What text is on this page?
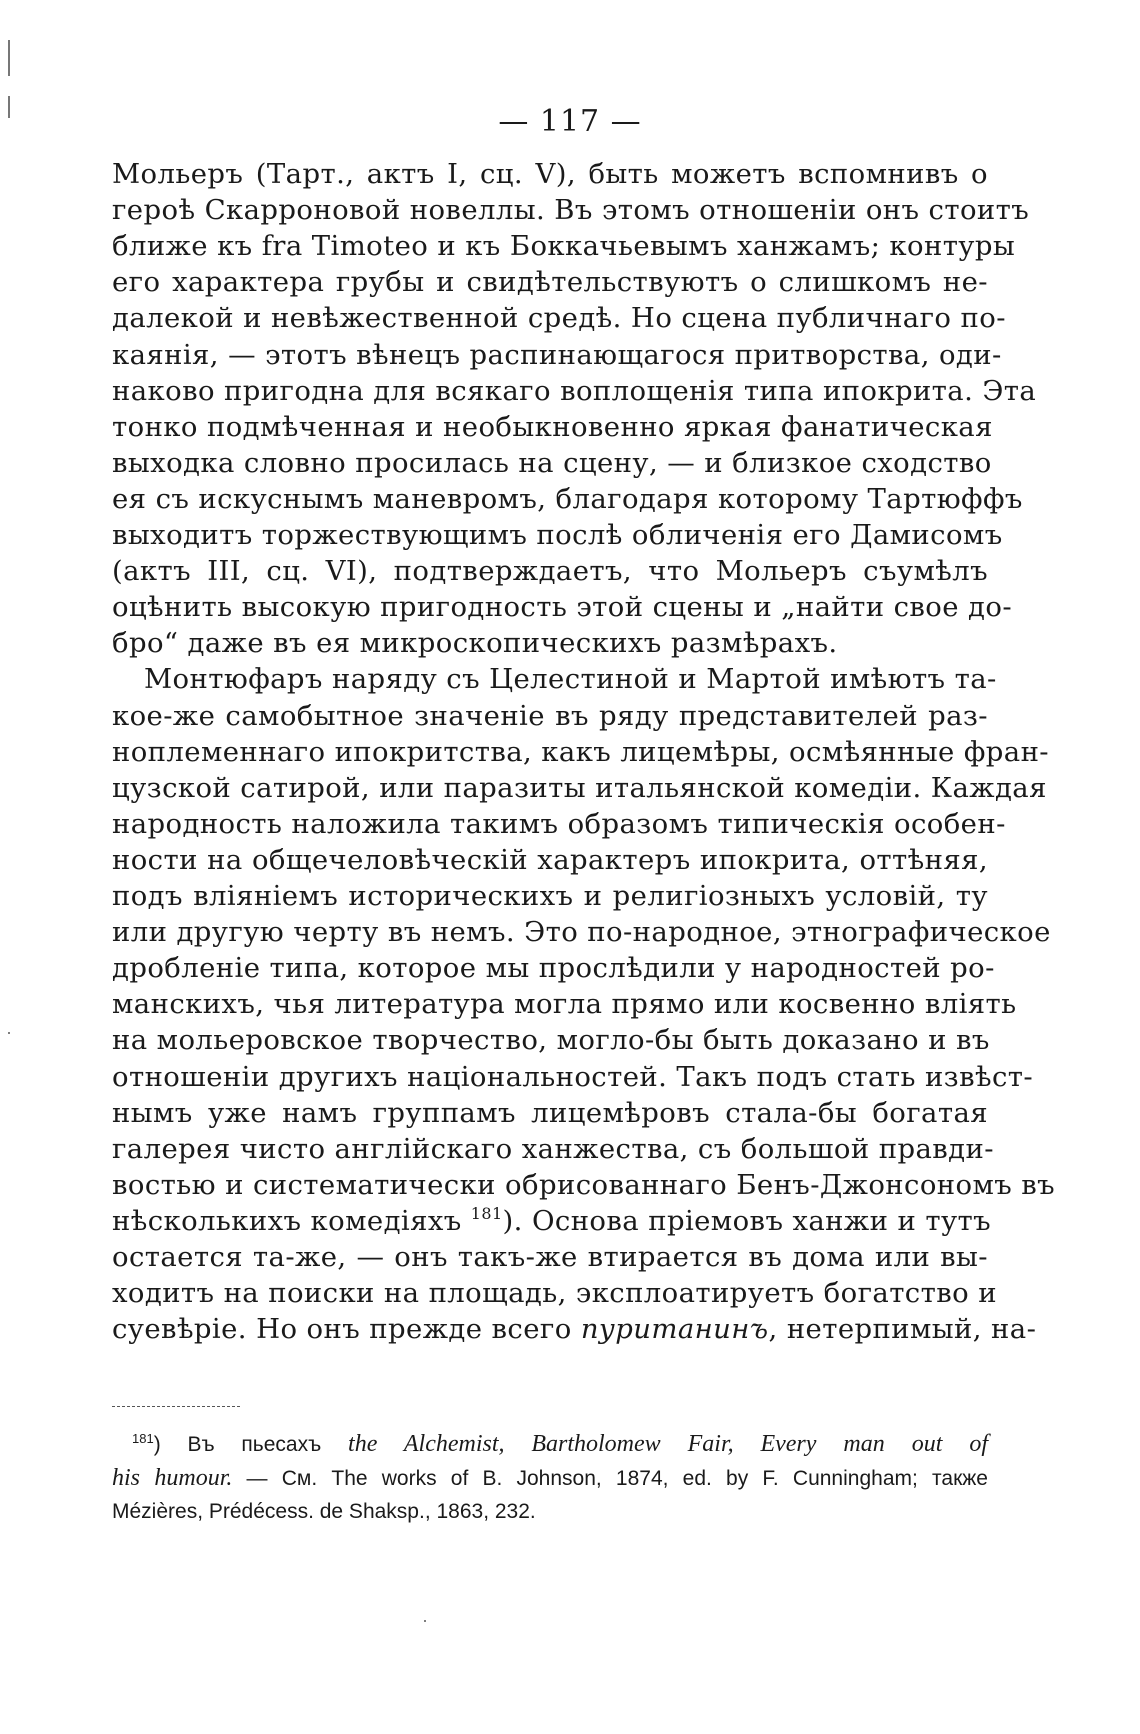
— 117 —
Мольеръ (Тарт., актъ I, сц. V), быть можетъ вспомнивъ о
героѣ Скарроновой новеллы. Въ этомъ отношеніи онъ стоитъ
ближе къ fra Timoteo и къ Боккачьевымъ ханжамъ; контуры
его характера грубы и свидѣтельствуютъ о слишкомъ не-
далекой и невѣжественной средѣ. Но сцена публичнаго по-
каянія, — этотъ вѣнецъ распинающагося притворства, оди-
наково пригодна для всякаго воплощенія типа ипокрита. Эта
тонко подмѣченная и необыкновенно яркая фанатическая
выходка словно просилась на сцену, — и близкое сходство
ея съ искуснымъ маневромъ, благодаря которому Тартюффъ
выходитъ торжествующимъ послѣ обличенія его Дамисомъ
(актъ III, сц. VI), подтверждаетъ, что Мольеръ съумѣлъ
оцѣнить высокую пригодность этой сцены и „найти свое до-
бро“ даже въ ея микроскопическихъ размѣрахъ.
Монтюфаръ наряду съ Целестиной и Мартой имѣютъ та-
кое-же самобытное значеніе въ ряду представителей раз-
ноплеменнаго ипокритства, какъ лицемѣры, осмѣянные фран-
цузской сатирой, или паразиты итальянской комедіи. Каждая
народность наложила такимъ образомъ типическія особен-
ности на общечеловѣческій характеръ ипокрита, оттѣняя,
подъ вліяніемъ историческихъ и религіозныхъ условій, ту
или другую черту въ немъ. Это по-народное, этнографическое
дробленіе типа, которое мы прослѣдили у народностей ро-
манскихъ, чья литература могла прямо или косвенно вліять
на мольеровское творчество, могло-бы быть доказано и въ
отношеніи другихъ національностей. Такъ подъ стать извѣст-
нымъ уже намъ группамъ лицемѣровъ стала-бы богатая
галерея чисто англійскаго ханжества, съ большой правди-
востью и систематически обрисованнаго Бенъ-Джонсономъ въ
нѣсколькихъ комедіяхъ $^{181}$). Основа пріемовъ ханжи и тутъ
остается та-же, — онъ такъ-же втирается въ дома или вы-
ходитъ на поиски на площадь, эксплоатируетъ богатство и
суевѣріе. Но онъ прежде всего пуританинъ, нетерпимый, на-
$^{181}$) Въ пьесахъ the Alchemist, Bartholomew Fair, Every man out of
his humour. — См. The works of B. Johnson, 1874, ed. by F. Cunningham; также
Mézières, Prédécess. de Shaksp., 1863, 232.
